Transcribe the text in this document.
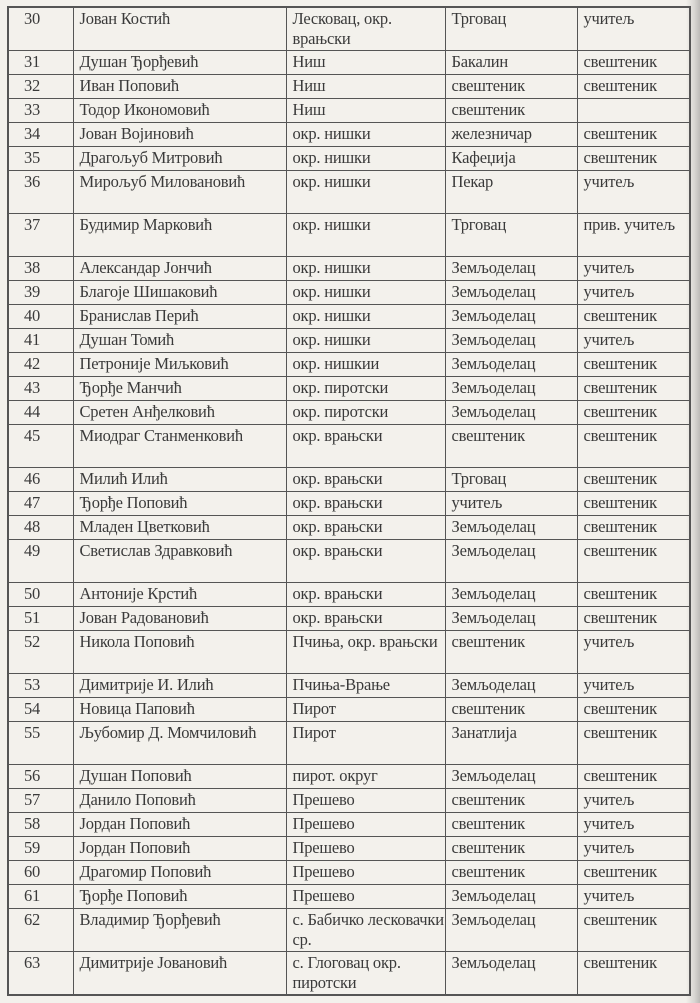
30	Јован Костић	Лесковац, окр. врањски	Трговац	учитељ
31	Душан Ђорђевић	Ниш	Бакалин	свештеник
32	Иван Поповић	Ниш	свештеник	свештеник
33	Тодор Икономовић	Ниш	свештеник	
34	Јован Војиновић	окр. нишки	железничар	свештеник
35	Драгољуб Митровић	окр. нишки	Кафеџија	свештеник
36	Мирољуб Миловановић	окр. нишки	Пекар	учитељ
37	Будимир Марковић	окр. нишки	Трговац	прив. учитељ
38	Александар Јончић	окр. нишки	Земљоделац	учитељ
39	Благоје Шишаковић	окр. нишки	Земљоделац	учитељ
40	Бранислав Перић	окр. нишки	Земљоделац	свештеник
41	Душан Томић	окр. нишки	Земљоделац	учитељ
42	Петроније Миљковић	окр. нишкии	Земљоделац	свештеник
43	Ђорђе Манчић	окр. пиротски	Земљоделац	свештеник
44	Сретен Анђелковић	окр. пиротски	Земљоделац	свештеник
45	Миодраг Станменковић	окр. врањски	свештеник	свештеник
46	Милић Илић	окр. врањски	Трговац	свештеник
47	Ђорђе Поповић	окр. врањски	учитељ	свештеник
48	Младен Цветковић	окр. врањски	Земљоделац	свештеник
49	Светислав Здравковић	окр. врањски	Земљоделац	свештеник
50	Антоније Крстић	окр. врањски	Земљоделац	свештеник
51	Јован Радовановић	окр. врањски	Земљоделац	свештеник
52	Никола Поповић	Пчиња, окр. врањски	свештеник	учитељ
53	Димитрије И. Илић	Пчиња-Врање	Земљоделац	учитељ
54	Новица Паповић	Пирот	свештеник	свештеник
55	Љубомир Д. Момчиловић	Пирот	Занатлија	свештеник
56	Душан Поповић	пирот. округ	Земљоделац	свештеник
57	Данило Поповић	Прешево	свештеник	учитељ
58	Јордан Поповић	Прешево	свештеник	учитељ
59	Јордан Поповић	Прешево	свештеник	учитељ
60	Драгомир Поповић	Прешево	свештеник	свештеник
61	Ђорђе Поповић	Прешево	Земљоделац	учитељ
62	Владимир Ђорђевић	с. Бабичко лесковачки ср.	Земљоделац	свештеник
63	Димитрије Јовановић	с. Глоговац окр. пиротски	Земљоделац	свештеник
